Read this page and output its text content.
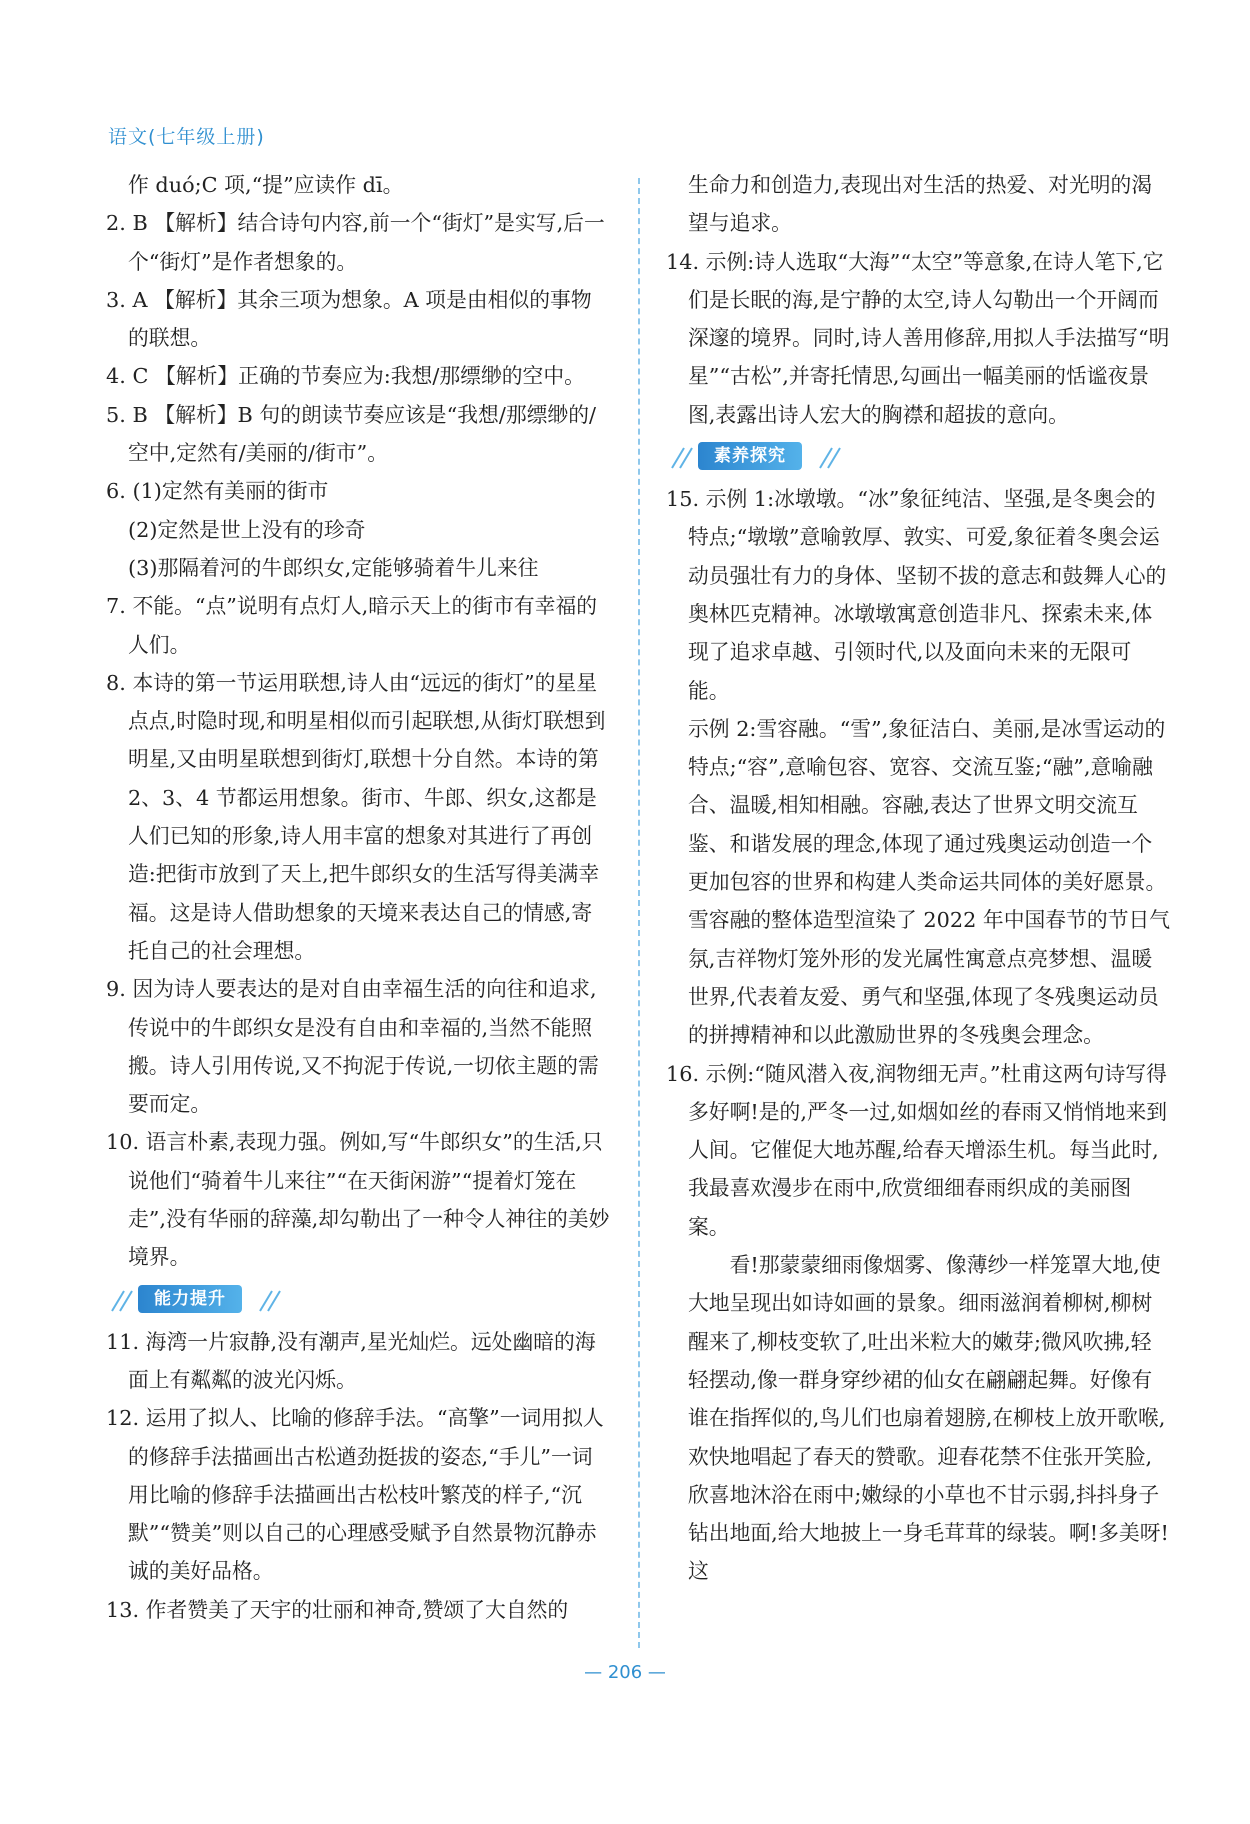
语文(七年级上册)

作 duó;C 项,“提”应读作 dī。

2. B 【解析】结合诗句内容,前一个“街灯”是实写,后一个“街灯”是作者想象的。

3. A 【解析】其余三项为想象。A 项是由相似的事物的联想。

4. C 【解析】正确的节奏应为:我想/那缥缈的空中。

5. B 【解析】B 句的朗读节奏应该是“我想/那缥缈的/空中,定然有/美丽的/街市”。

6. (1)定然有美丽的街市

(2)定然是世上没有的珍奇

(3)那隔着河的牛郎织女,定能够骑着牛儿来往

7. 不能。“点”说明有点灯人,暗示天上的街市有幸福的人们。

8. 本诗的第一节运用联想,诗人由“远远的街灯”的星星点点,时隐时现,和明星相似而引起联想,从街灯联想到明星,又由明星联想到街灯,联想十分自然。本诗的第 2、3、4 节都运用想象。街市、牛郎、织女,这都是人们已知的形象,诗人用丰富的想象对其进行了再创造:把街市放到了天上,把牛郎织女的生活写得美满幸福。这是诗人借助想象的天境来表达自己的情感,寄托自己的社会理想。

9. 因为诗人要表达的是对自由幸福生活的向往和追求,传说中的牛郎织女是没有自由和幸福的,当然不能照搬。诗人引用传说,又不拘泥于传说,一切依主题的需要而定。

10. 语言朴素,表现力强。例如,写“牛郎织女”的生活,只说他们“骑着牛儿来往”“在天街闲游”“提着灯笼在走”,没有华丽的辞藻,却勾勒出了一种令人神往的美妙境界。

能力提升

11. 海湾一片寂静,没有潮声,星光灿烂。远处幽暗的海面上有粼粼的波光闪烁。

12. 运用了拟人、比喻的修辞手法。“高擎”一词用拟人的修辞手法描画出古松遒劲挺拔的姿态,“手儿”一词用比喻的修辞手法描画出古松枝叶繁茂的样子,“沉默”“赞美”则以自己的心理感受赋予自然景物沉静赤诚的美好品格。

13. 作者赞美了天宇的壮丽和神奇,赞颂了大自然的

生命力和创造力,表现出对生活的热爱、对光明的渴望与追求。

14. 示例:诗人选取“大海”“太空”等意象,在诗人笔下,它们是长眠的海,是宁静的太空,诗人勾勒出一个开阔而深邃的境界。同时,诗人善用修辞,用拟人手法描写“明星”“古松”,并寄托情思,勾画出一幅美丽的恬谧夜景图,表露出诗人宏大的胸襟和超拔的意向。

素养探究

15. 示例 1:冰墩墩。“冰”象征纯洁、坚强,是冬奥会的特点;“墩墩”意喻敦厚、敦实、可爱,象征着冬奥会运动员强壮有力的身体、坚韧不拔的意志和鼓舞人心的奥林匹克精神。冰墩墩寓意创造非凡、探索未来,体现了追求卓越、引领时代,以及面向未来的无限可能。

示例 2:雪容融。“雪”,象征洁白、美丽,是冰雪运动的特点;“容”,意喻包容、宽容、交流互鉴;“融”,意喻融合、温暖,相知相融。容融,表达了世界文明交流互鉴、和谐发展的理念,体现了通过残奥运动创造一个更加包容的世界和构建人类命运共同体的美好愿景。雪容融的整体造型渲染了 2022 年中国春节的节日气氛,吉祥物灯笼外形的发光属性寓意点亮梦想、温暖世界,代表着友爱、勇气和坚强,体现了冬残奥运动员的拼搏精神和以此激励世界的冬残奥会理念。

16. 示例:“随风潜入夜,润物细无声。”杜甫这两句诗写得多好啊!是的,严冬一过,如烟如丝的春雨又悄悄地来到人间。它催促大地苏醒,给春天增添生机。每当此时,我最喜欢漫步在雨中,欣赏细细春雨织成的美丽图案。

看!那蒙蒙细雨像烟雾、像薄纱一样笼罩大地,使大地呈现出如诗如画的景象。细雨滋润着柳树,柳树醒来了,柳枝变软了,吐出米粒大的嫩芽;微风吹拂,轻轻摆动,像一群身穿纱裙的仙女在翩翩起舞。好像有谁在指挥似的,鸟儿们也扇着翅膀,在柳枝上放开歌喉,欢快地唱起了春天的赞歌。迎春花禁不住张开笑脸,欣喜地沐浴在雨中;嫩绿的小草也不甘示弱,抖抖身子钻出地面,给大地披上一身毛茸茸的绿装。啊!多美呀!这

— 206 —
